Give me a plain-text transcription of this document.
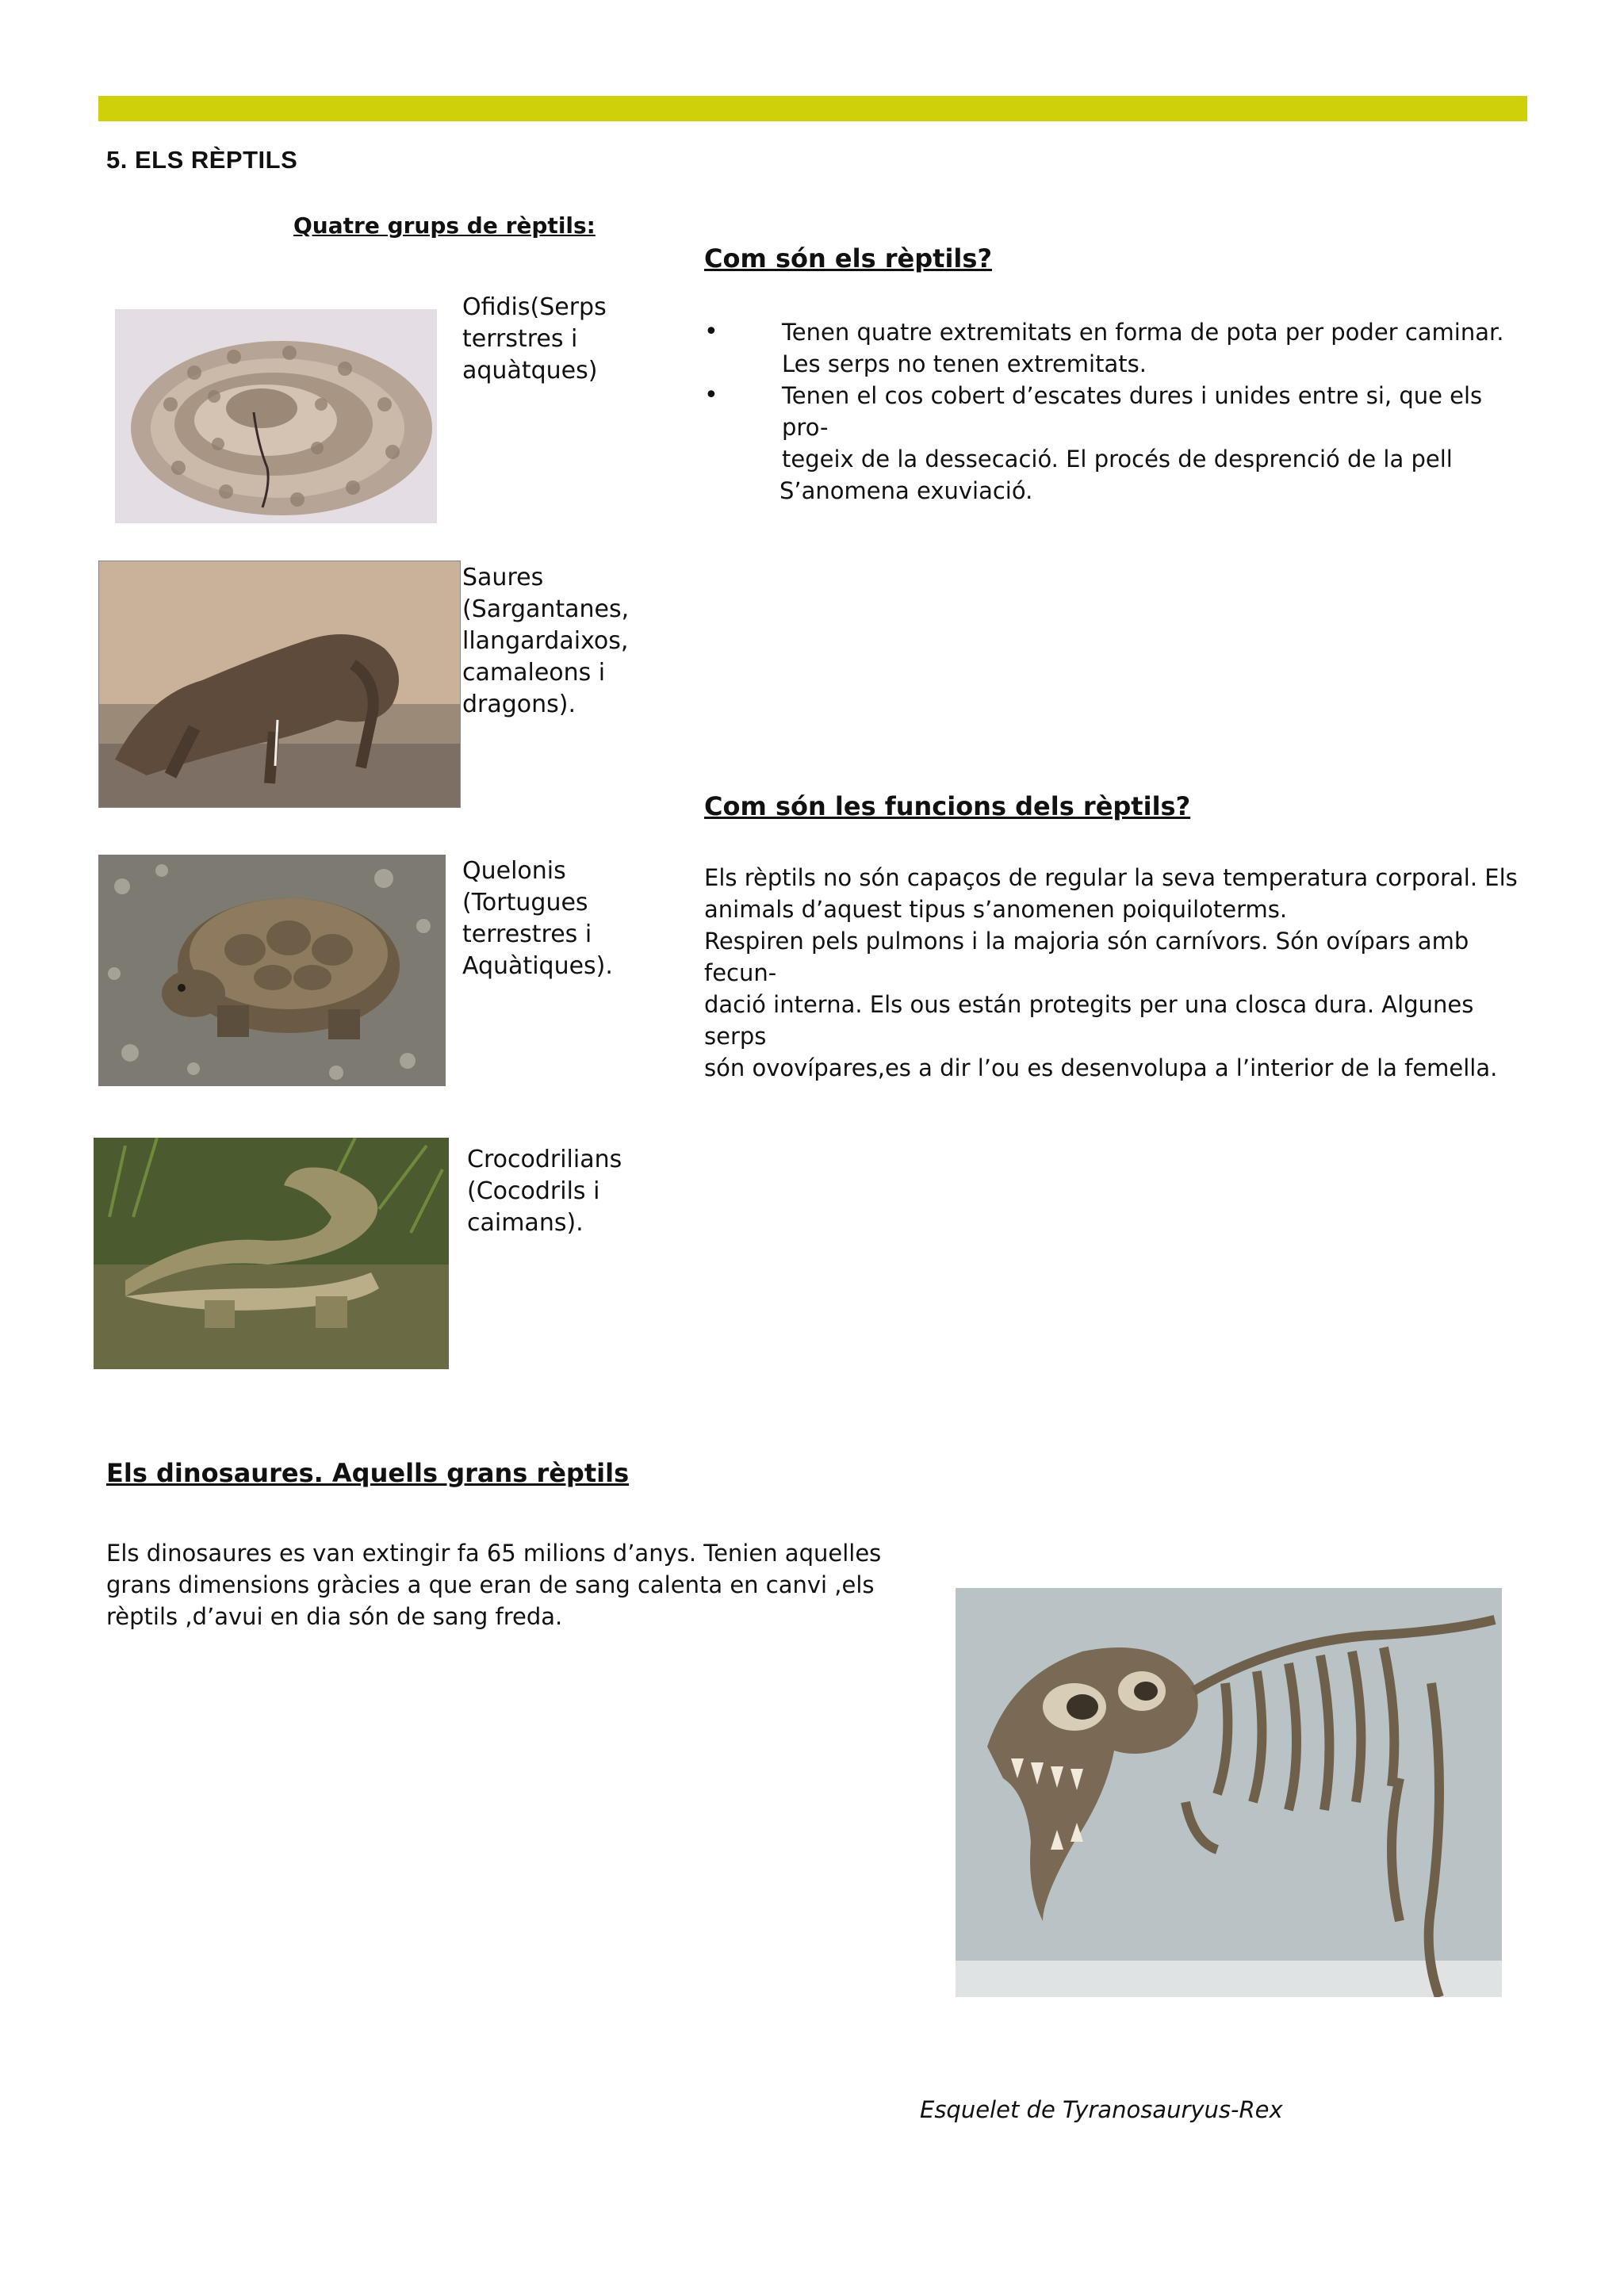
5. ELS RÈPTILS
Quatre grups de rèptils:
Ofidis(Serps
terrstres i
aquàtques)
Saures
(Sargantanes,
llangardaixos,
camaleons i
dragons).
Quelonis
(Tortugues
terrestres i
Aquàtiques).
Crocodrilians
(Cocodrils i
caimans).
Com són els rèptils?
•	Tenen quatre extremitats en forma de pota per poder caminar.
Les serps no tenen extremitats.
•	Tenen el cos cobert d’escates dures i unides entre si, que els pro-
tegeix de la dessecació. El procés de desprenció de la pell
S’anomena exuviació.
Com són les funcions dels rèptils?
Els rèptils no són capaços de regular la seva temperatura corporal. Els
animals d’aquest tipus s’anomenen poiquiloterms.
Respiren pels pulmons i la majoria són carnívors. Són ovípars amb fecun-
dació interna. Els ous están protegits per una closca dura. Algunes serps
són ovovípares,es a dir l’ou es desenvolupa a l’interior de la femella.
Els dinosaures. Aquells grans rèptils
Els dinosaures es van extingir fa 65 milions d’anys. Tenien aquelles
grans dimensions gràcies a que eran de sang calenta en canvi ,els
rèptils ,d’avui en dia són de sang freda.
Esquelet de Tyranosauryus-Rex
